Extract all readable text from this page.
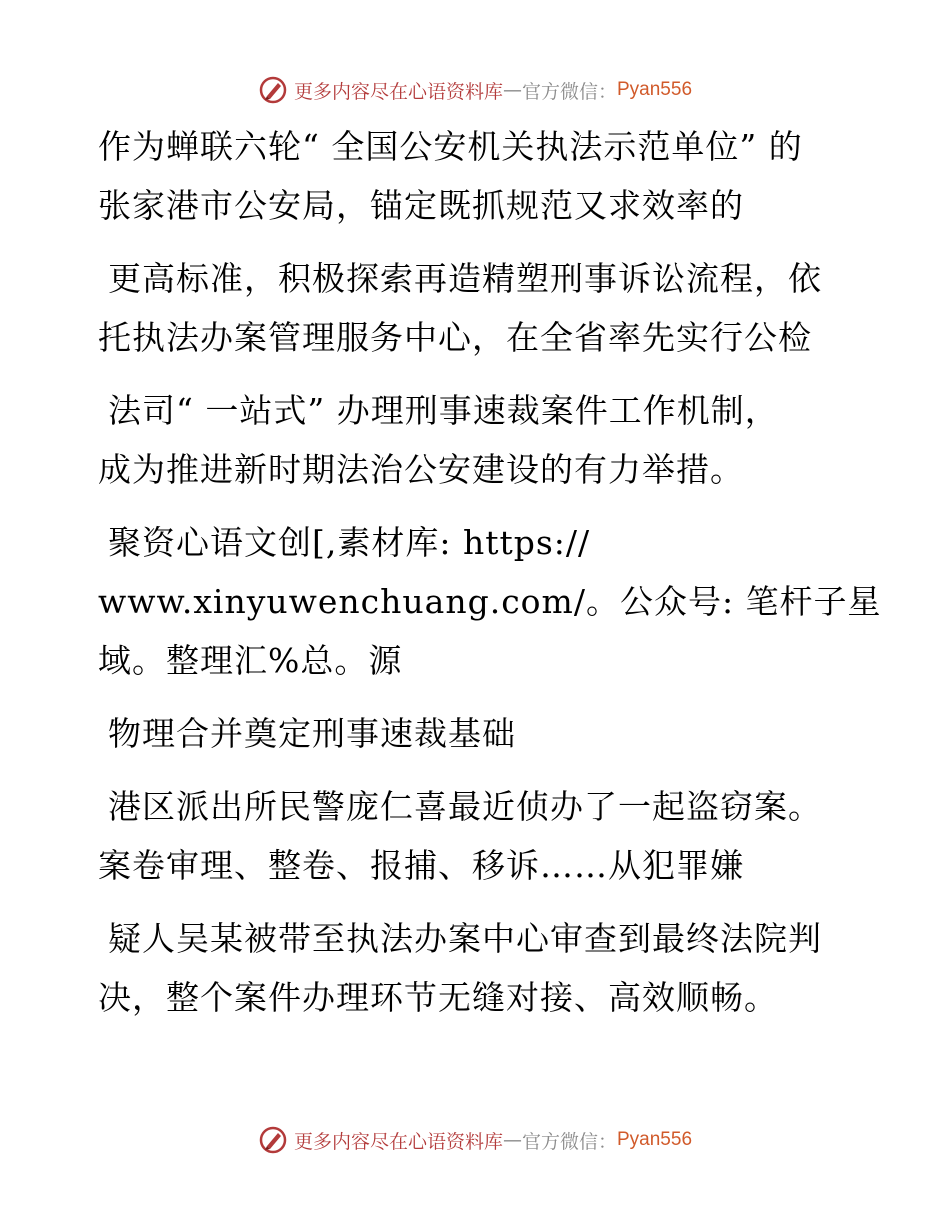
更多内容尽在心语资料库 — 官方微信： Pyan556
作为蝉联六轮“ 全国公安机关执法示范单位” 的
张家港市公安局，锚定既抓规范又求效率的
更高标准，积极探索再造精塑刑事诉讼流程，依
托执法办案管理服务中心，在全省率先实行公检
法司“ 一站式” 办理刑事速裁案件工作机制，
成为推进新时期法治公安建设的有力举措。
聚资心语文创[,素材库: https://
www.xinyuwenchuang.com/。公众号: 笔杆子星
域。整理汇%总。源
物理合并奠定刑事速裁基础
港区派出所民警庞仁喜最近侦办了一起盗窃案。
案卷审理、整卷、报捕、移诉……从犯罪嫌
疑人吴某被带至执法办案中心审查到最终法院判
决，整个案件办理环节无缝对接、高效顺畅。
更多内容尽在心语资料库 — 官方微信： Pyan556
